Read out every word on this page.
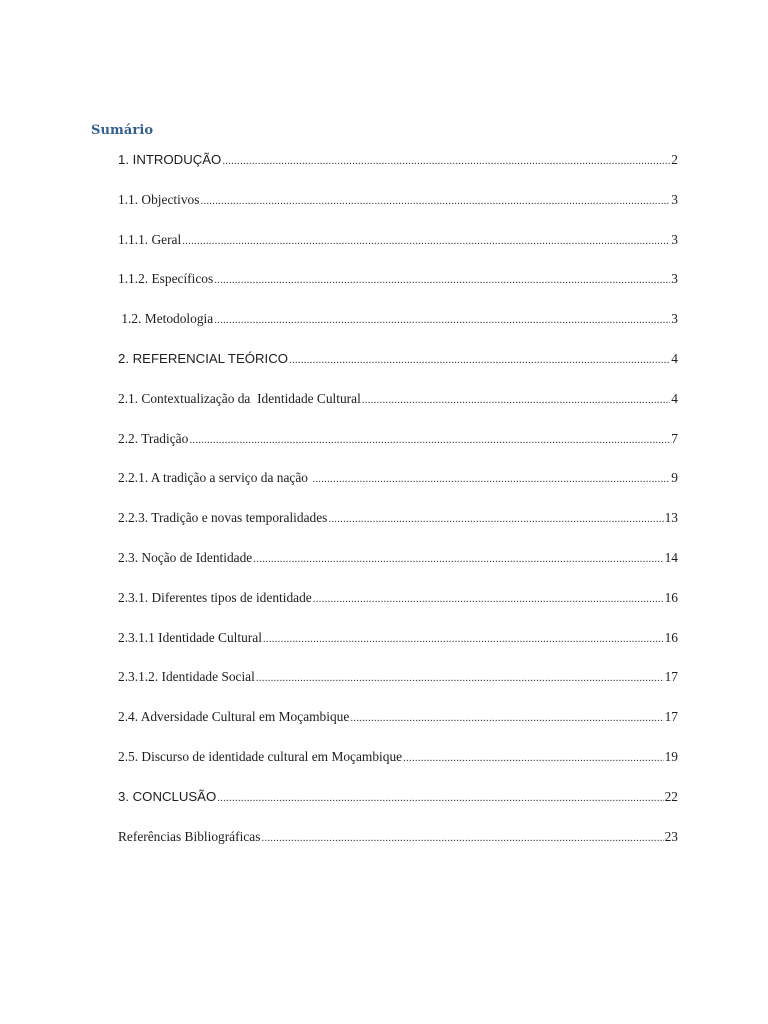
Sumário
1. INTRODUÇÃO .....	2
1.1. Objectivos .....	3
1.1.1. Geral .....	3
1.1.2. Específicos .....	3
1.2. Metodologia .....	3
2. REFERENCIAL TEÓRICO .....	4
2.1. Contextualização da  Identidade Cultural .....	4
2.2. Tradição .....	7
2.2.1. A tradição a serviço da nação .....	9
2.2.3. Tradição e novas temporalidades .....	13
2.3. Noção de Identidade .....	14
2.3.1. Diferentes tipos de identidade .....	16
2.3.1.1 Identidade Cultural .....	16
2.3.1.2. Identidade Social .....	17
2.4. Adversidade Cultural em Moçambique .....	17
2.5. Discurso de identidade cultural em Moçambique .....	19
3. CONCLUSÃO .....	22
Referências Bibliográficas .....	23
